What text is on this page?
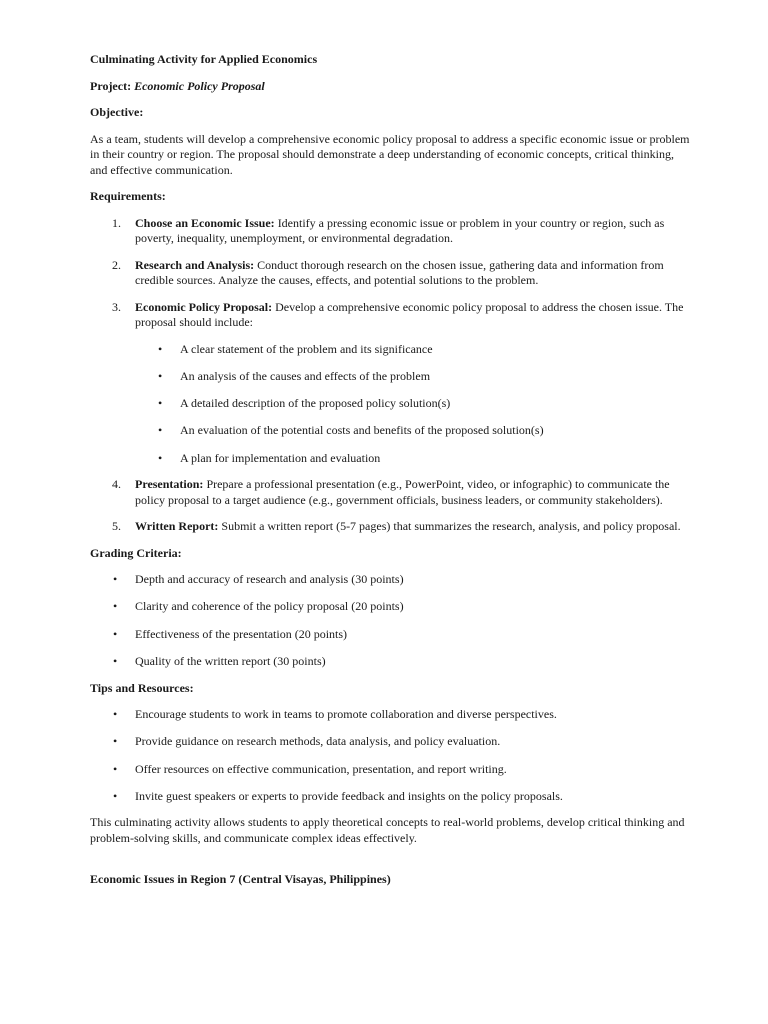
Culminating Activity for Applied Economics

Project: Economic Policy Proposal

Objective:

As a team, students will develop a comprehensive economic policy proposal to address a specific economic issue or problem in their country or region. The proposal should demonstrate a deep understanding of economic concepts, critical thinking, and effective communication.

Requirements:

1. Choose an Economic Issue: Identify a pressing economic issue or problem in your country or region, such as poverty, inequality, unemployment, or environmental degradation.
2. Research and Analysis: Conduct thorough research on the chosen issue, gathering data and information from credible sources. Analyze the causes, effects, and potential solutions to the problem.
3. Economic Policy Proposal: Develop a comprehensive economic policy proposal to address the chosen issue. The proposal should include:
• A clear statement of the problem and its significance
• An analysis of the causes and effects of the problem
• A detailed description of the proposed policy solution(s)
• An evaluation of the potential costs and benefits of the proposed solution(s)
• A plan for implementation and evaluation
4. Presentation: Prepare a professional presentation (e.g., PowerPoint, video, or infographic) to communicate the policy proposal to a target audience (e.g., government officials, business leaders, or community stakeholders).
5. Written Report: Submit a written report (5-7 pages) that summarizes the research, analysis, and policy proposal.

Grading Criteria:

• Depth and accuracy of research and analysis (30 points)
• Clarity and coherence of the policy proposal (20 points)
• Effectiveness of the presentation (20 points)
• Quality of the written report (30 points)

Tips and Resources:

• Encourage students to work in teams to promote collaboration and diverse perspectives.
• Provide guidance on research methods, data analysis, and policy evaluation.
• Offer resources on effective communication, presentation, and report writing.
• Invite guest speakers or experts to provide feedback and insights on the policy proposals.

This culminating activity allows students to apply theoretical concepts to real-world problems, develop critical thinking and problem-solving skills, and communicate complex ideas effectively.

Economic Issues in Region 7 (Central Visayas, Philippines)
